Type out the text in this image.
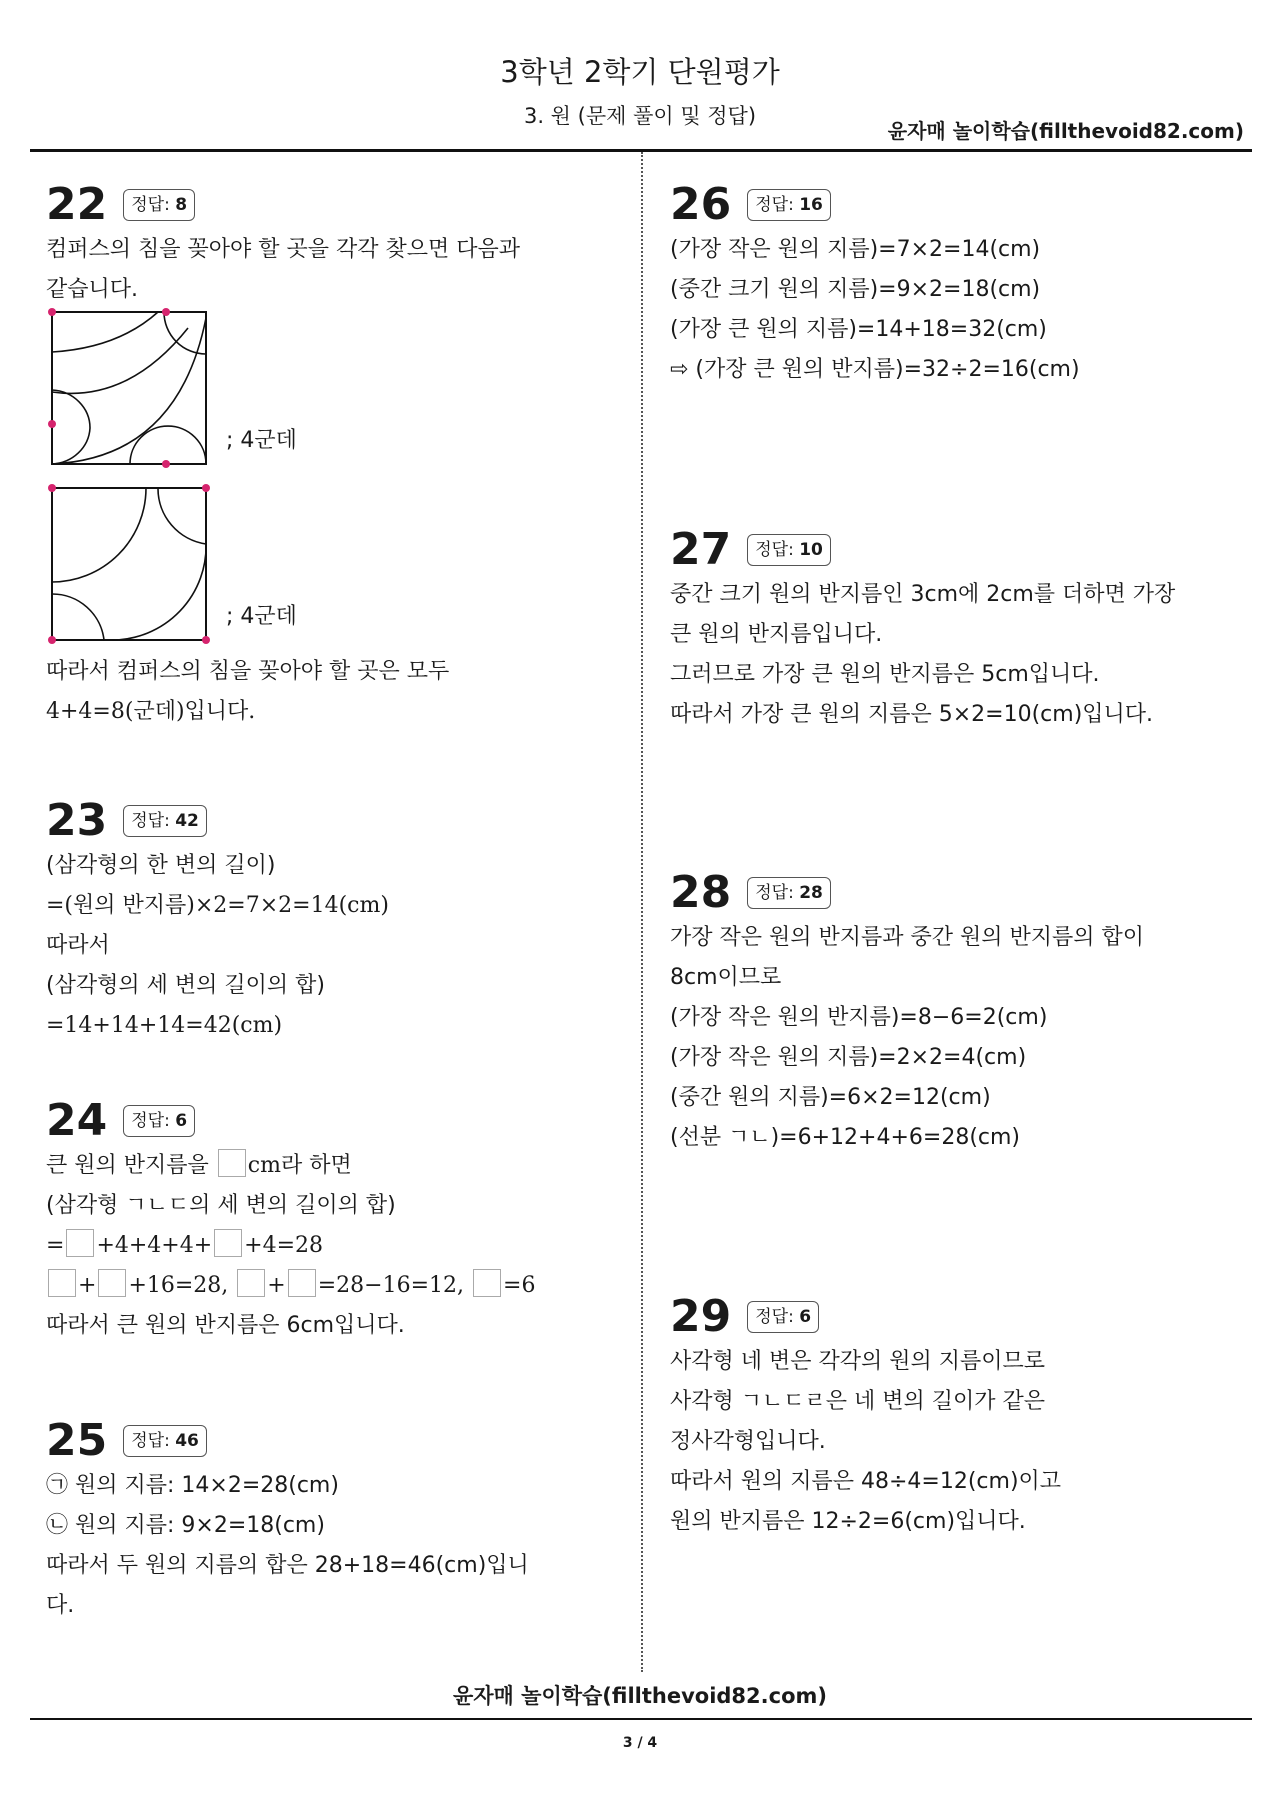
3학년 2학기 단원평가
3. 원 (문제 풀이 및 정답)
윤자매 놀이학습(fillthevoid82.com)
22	정답: 8
컴퍼스의 침을 꽂아야 할 곳을 각각 찾으면 다음과
같습니다.
; 4군데
; 4군데
따라서 컴퍼스의 침을 꽂아야 할 곳은 모두
4+4=8(군데)입니다.
23	정답: 42
(삼각형의 한 변의 길이)
=(원의 반지름)×2=7×2=14(cm)
따라서
(삼각형의 세 변의 길이의 합)
=14+14+14=42(cm)
24	정답: 6
큰 원의 반지름을 cm라 하면
(삼각형 ㄱㄴㄷ의 세 변의 길이의 합)
= +4+4+4+ +4=28
+ +16=28, + =28−16=12, =6
따라서 큰 원의 반지름은 6cm입니다.
25	정답: 46
㉠ 원의 지름: 14×2=28(cm)
㉡ 원의 지름: 9×2=18(cm)
따라서 두 원의 지름의 합은 28+18=46(cm)입니
다.
26	정답: 16
(가장 작은 원의 지름)=7×2=14(cm)
(중간 크기 원의 지름)=9×2=18(cm)
(가장 큰 원의 지름)=14+18=32(cm)
⇨ (가장 큰 원의 반지름)=32÷2=16(cm)
27	정답: 10
중간 크기 원의 반지름인 3cm에 2cm를 더하면 가장
큰 원의 반지름입니다.
그러므로 가장 큰 원의 반지름은 5cm입니다.
따라서 가장 큰 원의 지름은 5×2=10(cm)입니다.
28	정답: 28
가장 작은 원의 반지름과 중간 원의 반지름의 합이
8cm이므로
(가장 작은 원의 반지름)=8−6=2(cm)
(가장 작은 원의 지름)=2×2=4(cm)
(중간 원의 지름)=6×2=12(cm)
(선분 ㄱㄴ)=6+12+4+6=28(cm)
29	정답: 6
사각형 네 변은 각각의 원의 지름이므로
사각형 ㄱㄴㄷㄹ은 네 변의 길이가 같은
정사각형입니다.
따라서 원의 지름은 48÷4=12(cm)이고
원의 반지름은 12÷2=6(cm)입니다.
윤자매 놀이학습(fillthevoid82.com)
3 / 4
